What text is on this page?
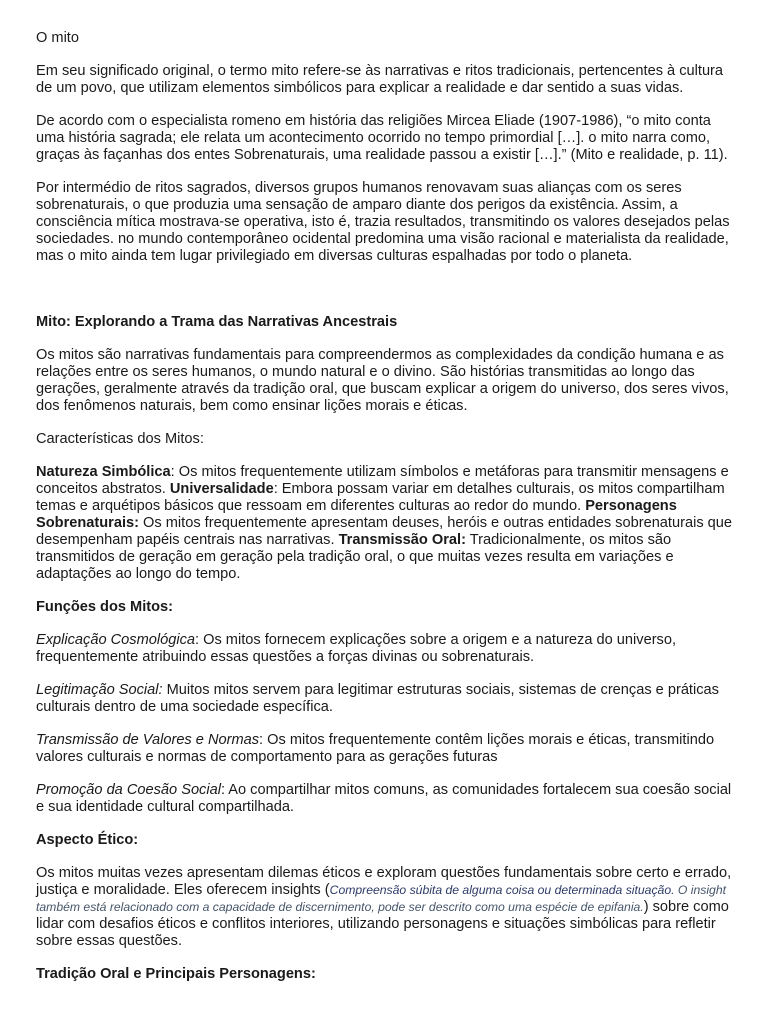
O mito

Em seu significado original, o termo mito refere-se às narrativas e ritos tradicionais, pertencentes à cultura de um povo, que utilizam elementos simbólicos para explicar a realidade e dar sentido a suas vidas.

De acordo com o especialista romeno em história das religiões Mircea Eliade (1907-1986), “o mito conta uma história sagrada; ele relata um acontecimento ocorrido no tempo primordial […]. o mito narra como, graças às façanhas dos entes Sobrenaturais, uma realidade passou a existir […].” (Mito e realidade, p. 11).

Por intermédio de ritos sagrados, diversos grupos humanos renovavam suas alianças com os seres sobrenaturais, o que produzia uma sensação de amparo diante dos perigos da existência. Assim, a consciência mítica mostrava-se operativa, isto é, trazia resultados, transmitindo os valores desejados pelas sociedades. no mundo contemporâneo ocidental predomina uma visão racional e materialista da realidade, mas o mito ainda tem lugar privilegiado em diversas culturas espalhadas por todo o planeta.

Mito: Explorando a Trama das Narrativas Ancestrais

Os mitos são narrativas fundamentais para compreendermos as complexidades da condição humana e as relações entre os seres humanos, o mundo natural e o divino. São histórias transmitidas ao longo das gerações, geralmente através da tradição oral, que buscam explicar a origem do universo, dos seres vivos, dos fenômenos naturais, bem como ensinar lições morais e éticas.

Características dos Mitos:

Natureza Simbólica: Os mitos frequentemente utilizam símbolos e metáforas para transmitir mensagens e conceitos abstratos. Universalidade: Embora possam variar em detalhes culturais, os mitos compartilham temas e arquétipos básicos que ressoam em diferentes culturas ao redor do mundo. Personagens Sobrenaturais: Os mitos frequentemente apresentam deuses, heróis e outras entidades sobrenaturais que desempenham papéis centrais nas narrativas. Transmissão Oral: Tradicionalmente, os mitos são transmitidos de geração em geração pela tradição oral, o que muitas vezes resulta em variações e adaptações ao longo do tempo.

Funções dos Mitos:

Explicação Cosmológica: Os mitos fornecem explicações sobre a origem e a natureza do universo, frequentemente atribuindo essas questões a forças divinas ou sobrenaturais.

Legitimação Social: Muitos mitos servem para legitimar estruturas sociais, sistemas de crenças e práticas culturais dentro de uma sociedade específica.

Transmissão de Valores e Normas: Os mitos frequentemente contêm lições morais e éticas, transmitindo valores culturais e normas de comportamento para as gerações futuras

Promoção da Coesão Social: Ao compartilhar mitos comuns, as comunidades fortalecem sua coesão social e sua identidade cultural compartilhada.

Aspecto Ético:

Os mitos muitas vezes apresentam dilemas éticos e exploram questões fundamentais sobre certo e errado, justiça e moralidade. Eles oferecem insights (Compreensão súbita de alguma coisa ou determinada situação. O insight também está relacionado com a capacidade de discernimento, pode ser descrito como uma espécie de epifania.) sobre como lidar com desafios éticos e conflitos interiores, utilizando personagens e situações simbólicas para refletir sobre essas questões.

Tradição Oral e Principais Personagens:
